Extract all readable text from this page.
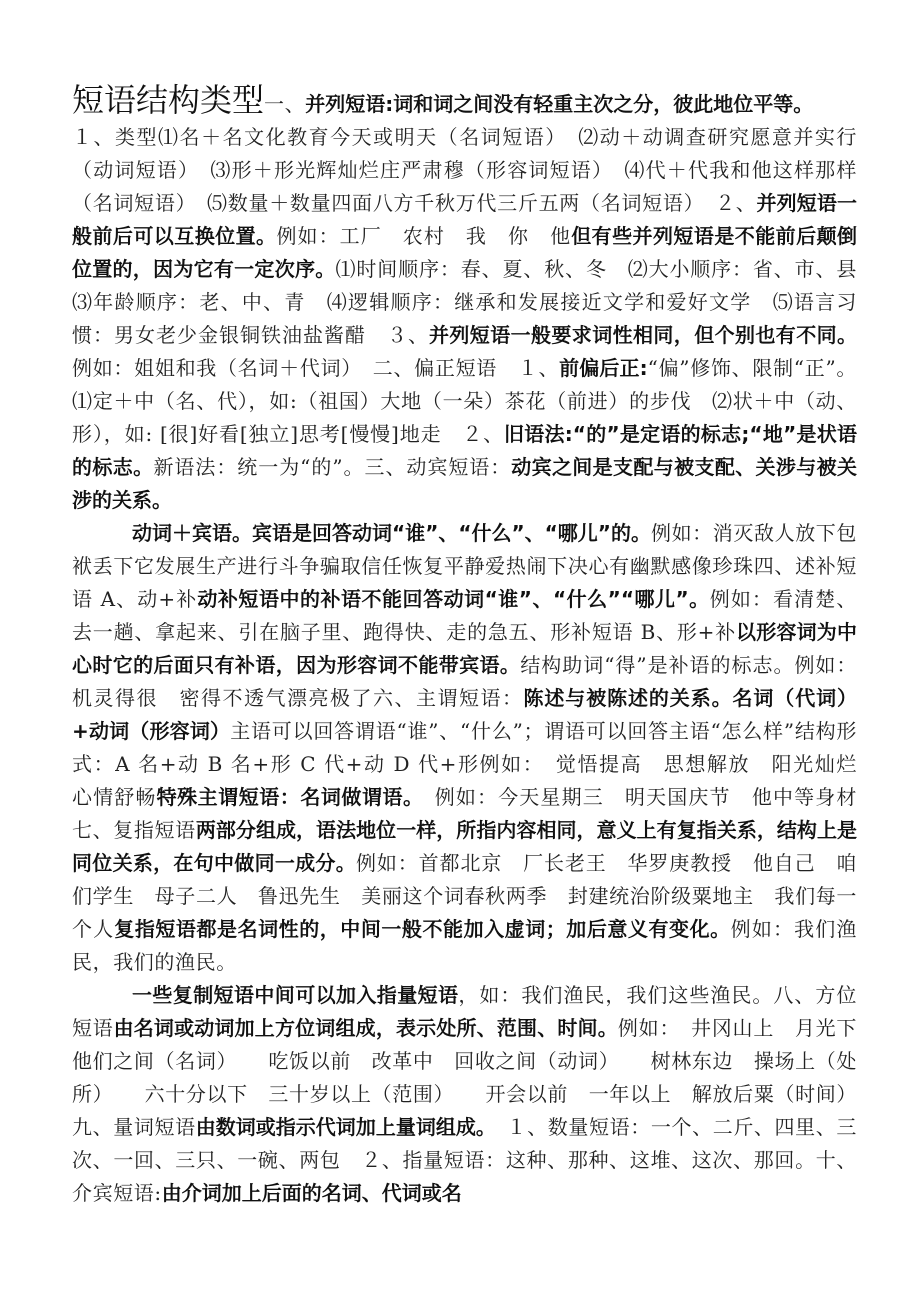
短语结构类型一、并列短语:词和词之间没有轻重主次之分，彼此地位平等。
１、类型⑴名＋名文化教育今天或明天（名词短语）　⑵动＋动调查研究愿意并实行（动词短语）　⑶形＋形光辉灿烂庄严肃穆（形容词短语）　⑷代＋代我和他这样那样（名词短语）　⑸数量＋数量四面八方千秋万代三斤五两（名词短语）　２、并列短语一般前后可以互换位置。例如：工厂　农村　我　你　他但有些并列短语是不能前后颠倒位置的，因为它有一定次序。⑴时间顺序：春、夏、秋、冬　⑵大小顺序：省、市、县　⑶年龄顺序：老、中、青　⑷逻辑顺序：继承和发展接近文学和爱好文学　⑸语言习惯：男女老少金银铜铁油盐酱醋　３、并列短语一般要求词性相同，但个别也有不同。例如：姐姐和我（名词＋代词）　二、偏正短语　１、前偏后正:“偏”修饰、限制“正”。⑴定＋中（名、代），如:（祖国）大地（一朵）茶花（前进）的步伐　⑵状＋中（动、形），如: [很]好看[独立]思考[慢慢]地走　２、旧语法:“的”是定语的标志;“地”是状语的标志。新语法：统一为“的”。三、动宾短语：动宾之间是支配与被支配、关涉与被关涉的关系。

动词＋宾语。宾语是回答动词“谁”、“什么”、“哪儿”的。例如：消灭敌人放下包袱丢下它发展生产进行斗争骗取信任恢复平静爱热闹下决心有幽默感像珍珠四、述补短语 A、动+补动补短语中的补语不能回答动词“谁”、“什么”“哪儿”。例如：看清楚、去一趟、拿起来、引在脑子里、跑得快、走的急五、形补短语 B、形+补以形容词为中心时它的后面只有补语，因为形容词不能带宾语。结构助词“得”是补语的标志。例如：机灵得很　密得不透气漂亮极了六、主谓短语：陈述与被陈述的关系。名词（代词）+动词（形容词）主语可以回答谓语“谁”、“什么”；谓语可以回答主语“怎么样”结构形式：A 名+动 B 名+形 C 代+动 D 代+形例如：　觉悟提高　思想解放　阳光灿烂　心情舒畅特殊主谓短语：名词做谓语。　例如：今天星期三　明天国庆节　他中等身材七、复指短语两部分组成，语法地位一样，所指内容相同，意义上有复指关系，结构上是同位关系，在句中做同一成分。例如：首都北京　厂长老王　华罗庚教授　他自己　咱们学生　母子二人　鲁迅先生　美丽这个词春秋两季　封建统治阶级粟地主　我们每一个人复指短语都是名词性的，中间一般不能加入虚词；加后意义有变化。例如：我们渔民，我们的渔民。

一些复制短语中间可以加入指量短语，如：我们渔民，我们这些渔民。八、方位短语由名词或动词加上方位词组成，表示处所、范围、时间。例如：　井冈山上　月光下　他们之间（名词）　　吃饭以前　改革中　回收之间（动词）　　树林东边　操场上（处所）　　六十分以下　三十岁以上（范围）　　开会以前　一年以上　解放后粟（时间）九、量词短语由数词或指示代词加上量词组成。　１、数量短语：一个、二斤、四里、三次、一回、三只、一碗、两包　２、指量短语：这种、那种、这堆、这次、那回。十、介宾短语:由介词加上后面的名词、代词或名
